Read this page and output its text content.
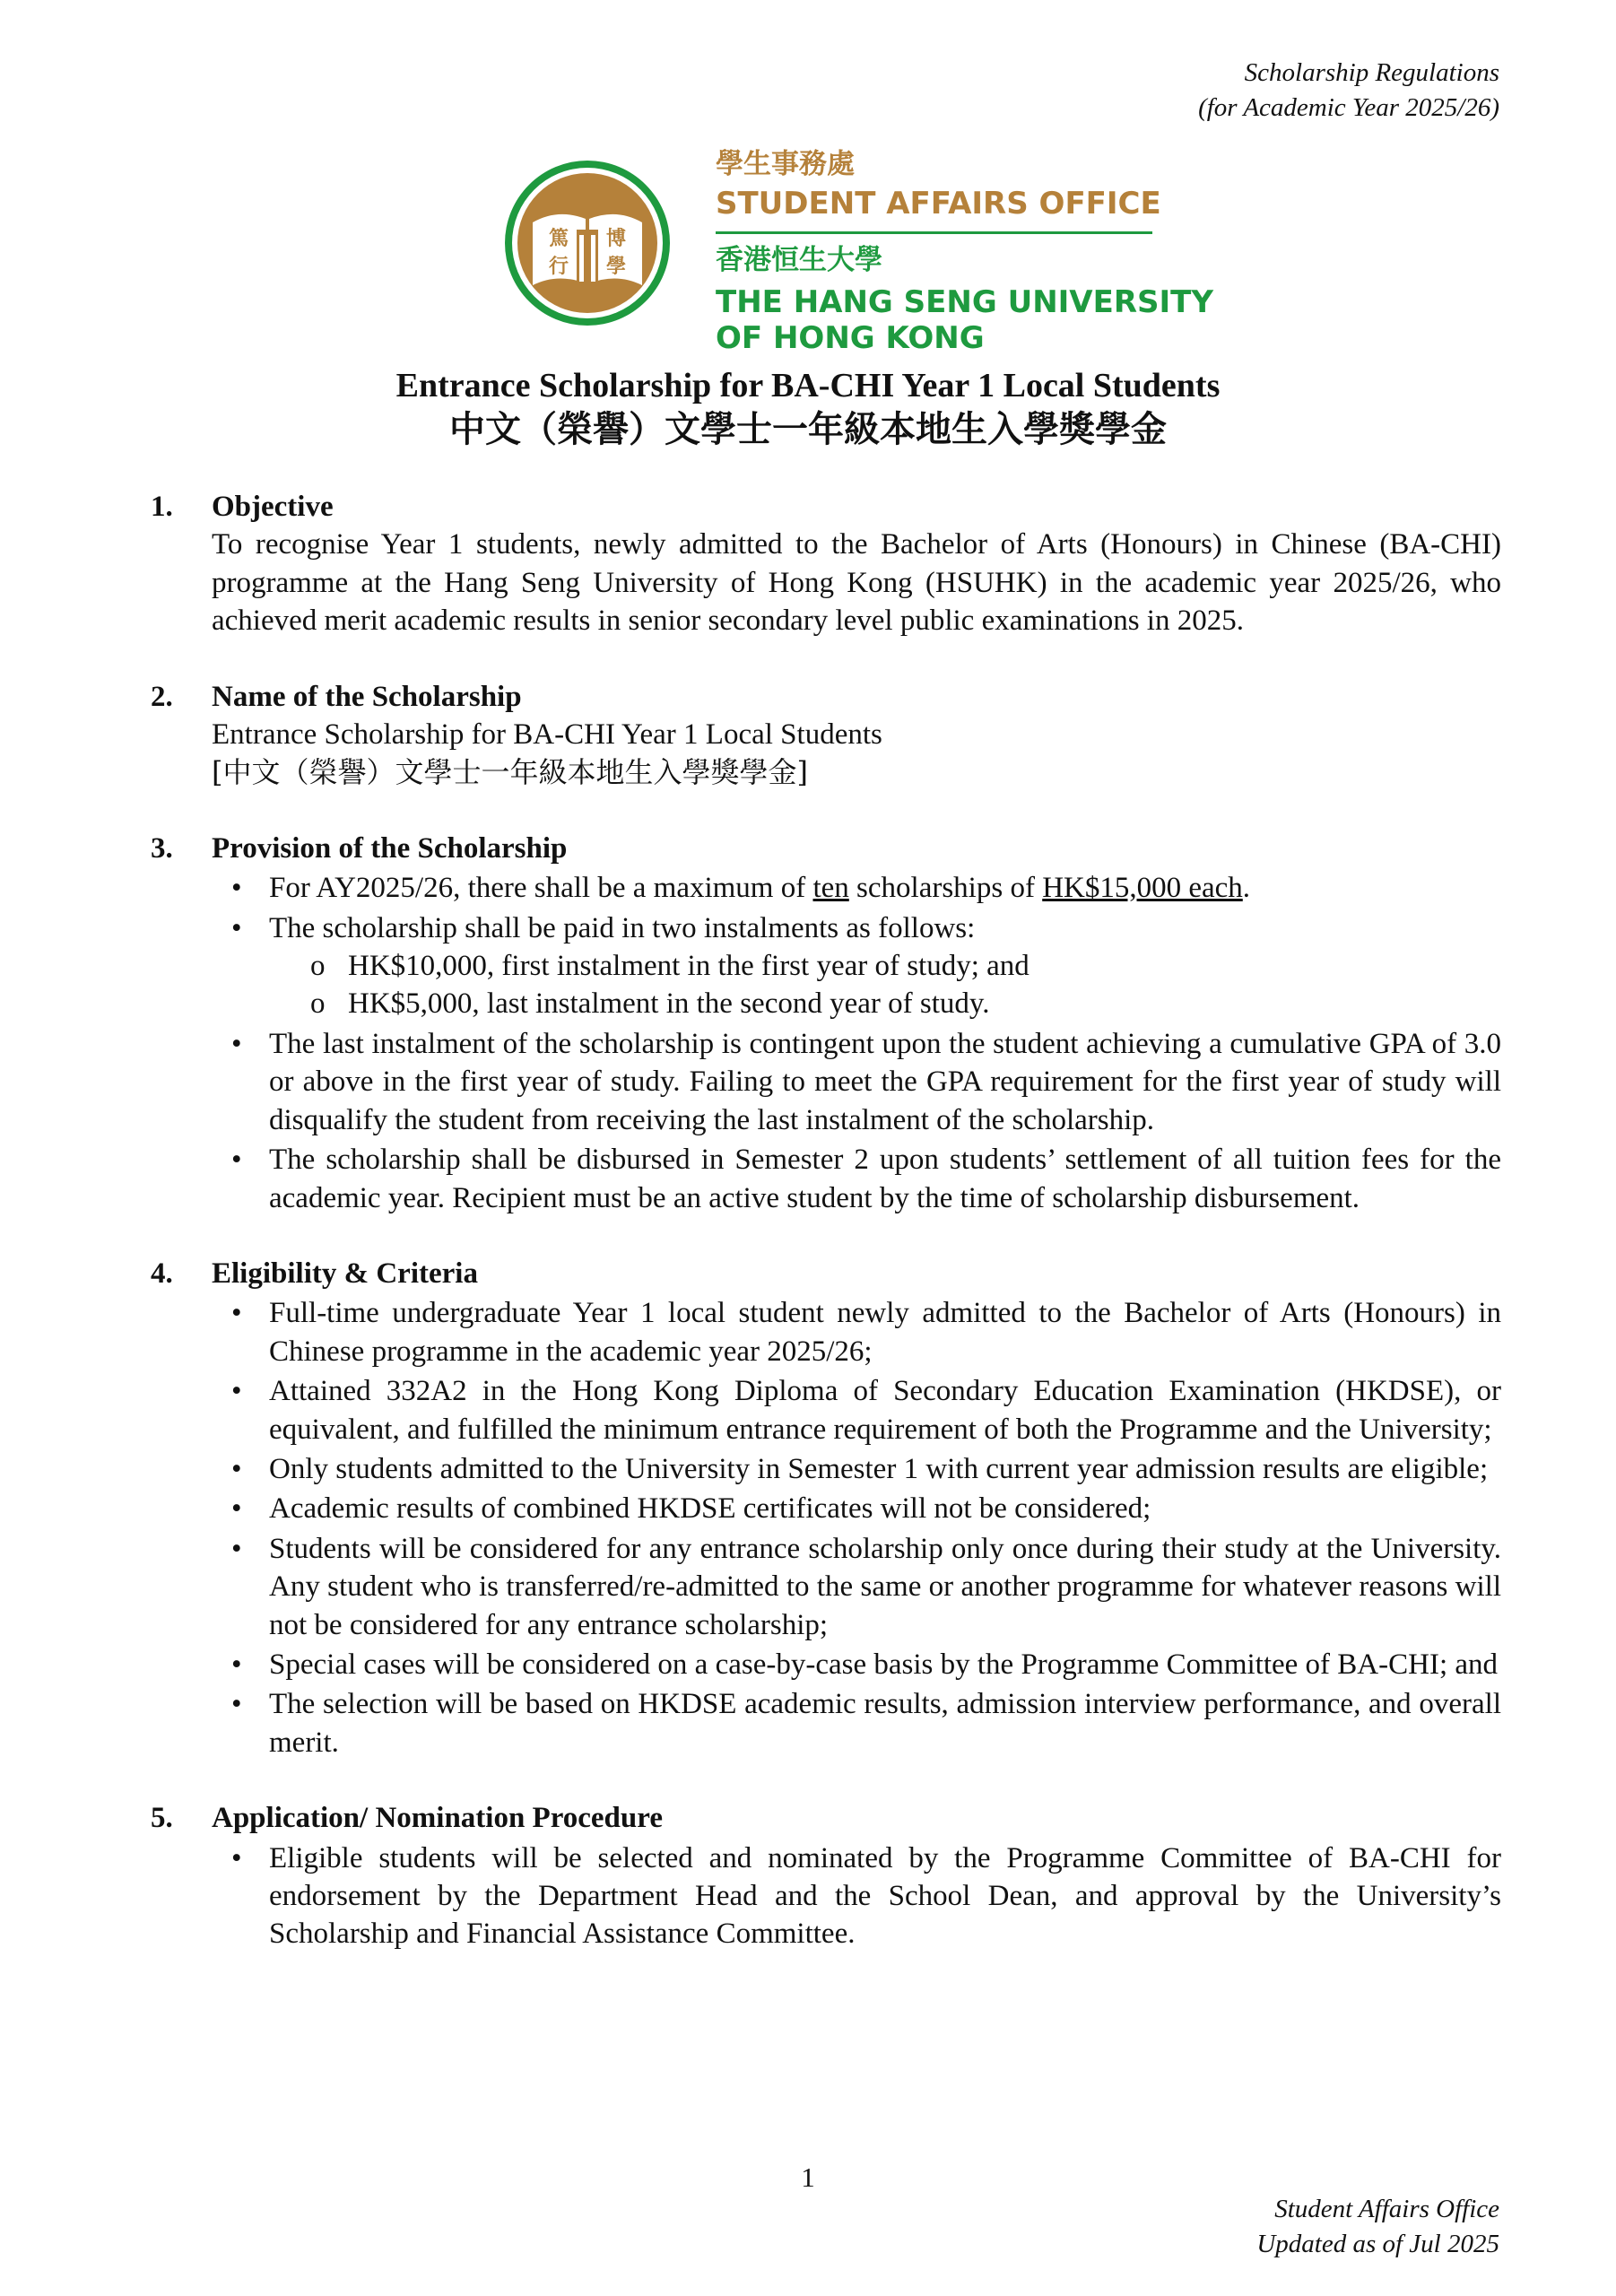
Scholarship Regulations
(for Academic Year 2025/26)
篤 博
行 學
學生事務處
STUDENT AFFAIRS OFFICE
香港恒生大學
THE HANG SENG UNIVERSITY
OF HONG KONG
Entrance Scholarship for BA-CHI Year 1 Local Students
中文（榮譽）文學士一年級本地生入學獎學金
1. Objective
To recognise Year 1 students, newly admitted to the Bachelor of Arts (Honours) in Chinese (BA-CHI) programme at the Hang Seng University of Hong Kong (HSUHK) in the academic year 2025/26, who achieved merit academic results in senior secondary level public examinations in 2025.
2. Name of the Scholarship
Entrance Scholarship for BA-CHI Year 1 Local Students
[中文（榮譽）文學士一年級本地生入學獎學金]
3. Provision of the Scholarship
• For AY2025/26, there shall be a maximum of ten scholarships of HK$15,000 each.
• The scholarship shall be paid in two instalments as follows:
o HK$10,000, first instalment in the first year of study; and
o HK$5,000, last instalment in the second year of study.
• The last instalment of the scholarship is contingent upon the student achieving a cumulative GPA of 3.0 or above in the first year of study. Failing to meet the GPA requirement for the first year of study will disqualify the student from receiving the last instalment of the scholarship.
• The scholarship shall be disbursed in Semester 2 upon students’ settlement of all tuition fees for the academic year. Recipient must be an active student by the time of scholarship disbursement.
4. Eligibility & Criteria
• Full-time undergraduate Year 1 local student newly admitted to the Bachelor of Arts (Honours) in Chinese programme in the academic year 2025/26;
• Attained 332A2 in the Hong Kong Diploma of Secondary Education Examination (HKDSE), or equivalent, and fulfilled the minimum entrance requirement of both the Programme and the University;
• Only students admitted to the University in Semester 1 with current year admission results are eligible;
• Academic results of combined HKDSE certificates will not be considered;
• Students will be considered for any entrance scholarship only once during their study at the University. Any student who is transferred/re-admitted to the same or another programme for whatever reasons will not be considered for any entrance scholarship;
• Special cases will be considered on a case-by-case basis by the Programme Committee of BA-CHI; and
• The selection will be based on HKDSE academic results, admission interview performance, and overall merit.
5. Application/ Nomination Procedure
• Eligible students will be selected and nominated by the Programme Committee of BA-CHI for endorsement by the Department Head and the School Dean, and approval by the University’s Scholarship and Financial Assistance Committee.
1
Student Affairs Office
Updated as of Jul 2025
